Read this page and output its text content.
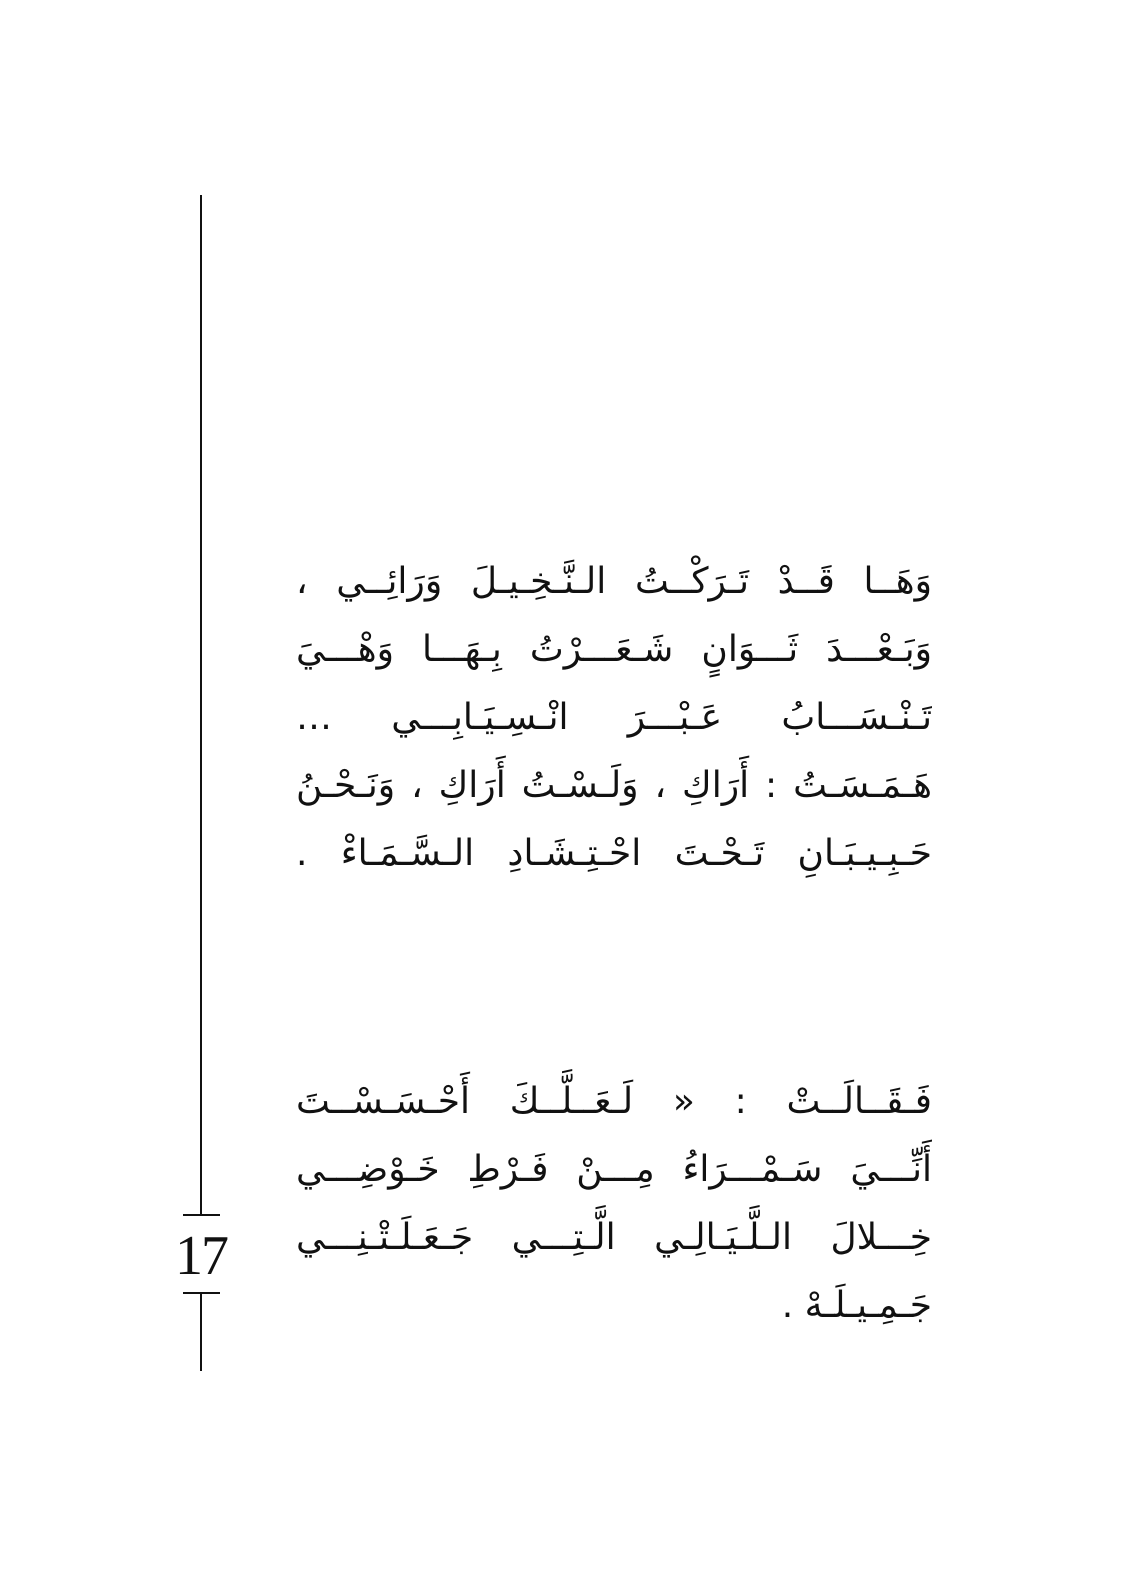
17
وَهَــا قَــدْ تَـرَكْــتُ الـنَّـخِـيـلَ وَرَائِــي ،
وَبَـعْـــدَ ثَـــوَانٍ شَـعَـــرْتُ بِـهَـــا وَهْـــيَ
تَـنْـسَـــابُ عَـبْـــرَ انْـسِـيَـابِـــي …
هَـمَـسَـتُ : أَرَاكِ ، وَلَـسْـتُ أَرَاكِ ، وَنَـحْـنُ
حَـبِـيـبَـانِ تَـحْـتَ احْـتِـشَـادِ الـسَّـمَـاءْ .
فَـقَــالَــتْ : « لَـعَــلَّــكَ أَحْـسَـسْــتَ
أَنِّـــيَ سَـمْـــرَاءُ مِـــنْ فَـرْطِ خَـوْضِـــي
خِـــلالَ الـلَّـيَـالِـي الَّـتِـــي جَـعَـلَـتْـنِـــي
جَـمِـيـلَـهْ .
